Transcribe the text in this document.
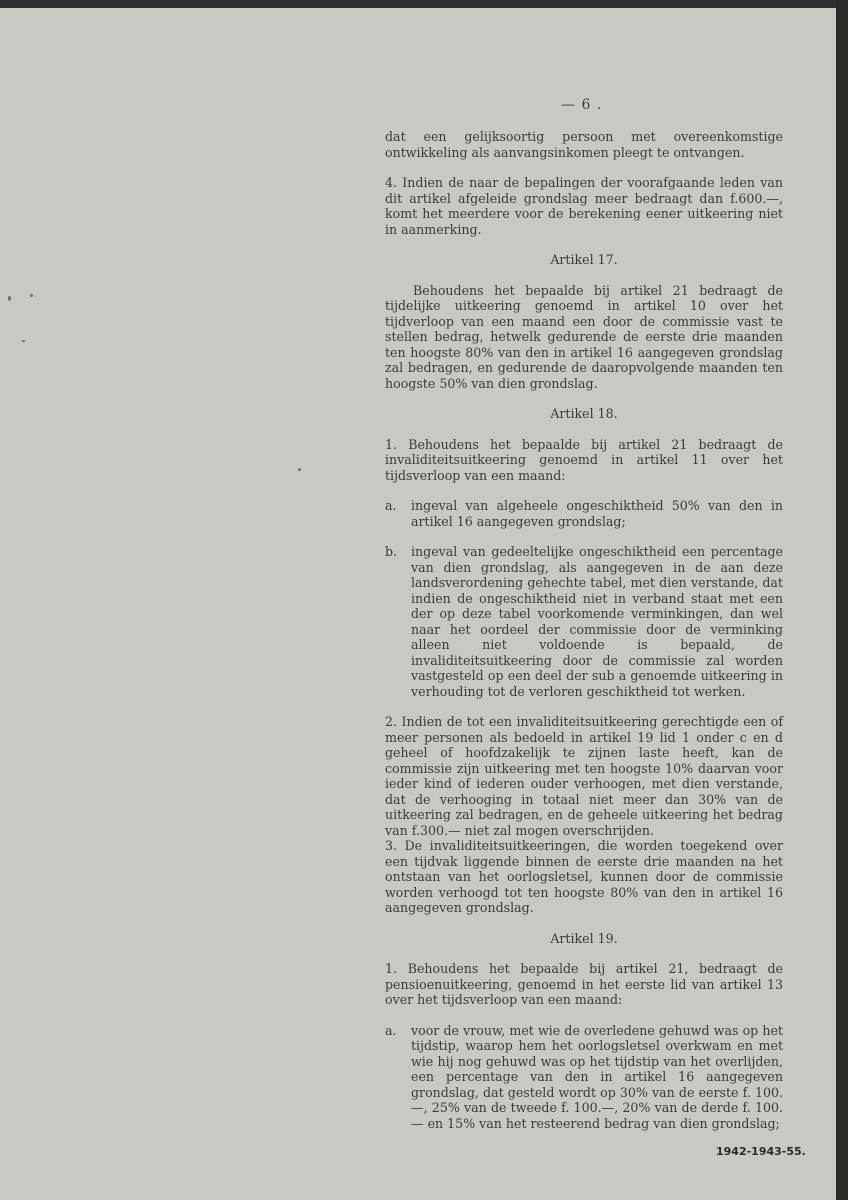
— 6 .

dat een gelijksoortig persoon met overeenkomstige ontwikkeling als aanvangsinkomen pleegt te ontvangen.

4. Indien de naar de bepalingen der voorafgaande leden van dit artikel afgeleide grondslag meer bedraagt dan f.600.—, komt het meerdere voor de berekening eener uitkeering niet in aanmerking.

Artikel 17.

Behoudens het bepaalde bij artikel 21 bedraagt de tijdelijke uitkeering genoemd in artikel 10 over het tijdverloop van een maand een door de commissie vast te stellen bedrag, hetwelk gedurende de eerste drie maanden ten hoogste 80% van den in artikel 16 aangegeven grondslag zal bedragen, en gedurende de daaropvolgende maanden ten hoogste 50% van dien grondslag.

Artikel 18.

1. Behoudens het bepaalde bij artikel 21 bedraagt de invaliditeitsuitkeering genoemd in artikel 11 over het tijdsverloop van een maand:

a.	ingeval van algeheele ongeschiktheid 50% van den in artikel 16 aangegeven grondslag;
b.	ingeval van gedeeltelijke ongeschiktheid een percentage van dien grondslag, als aangegeven in de aan deze landsverordening gehechte tabel, met dien verstande, dat indien de ongeschiktheid niet in verband staat met een der op deze tabel voorkomende verminkingen, dan wel naar het oordeel der commissie door de verminking alleen niet voldoende is bepaald, de invaliditeitsuitkeering door de commissie zal worden vastgesteld op een deel der sub a genoemde uitkeering in verhouding tot de verloren geschiktheid tot werken.

2. Indien de tot een invaliditeitsuitkeering gerechtigde een of meer personen als bedoeld in artikel 19 lid 1 onder c en d geheel of hoofdzakelijk te zijnen laste heeft, kan de commissie zijn uitkeering met ten hoogste 10% daarvan voor ieder kind of iederen ouder verhoogen, met dien verstande, dat de verhooging in totaal niet meer dan 30% van de uitkeering zal bedragen, en de geheele uitkeering het bedrag van f.300.— niet zal mogen overschrijden.

3. De invaliditeitsuitkeeringen, die worden toegekend over een tijdvak liggende binnen de eerste drie maanden na het ontstaan van het oorlogsletsel, kunnen door de commissie worden verhoogd tot ten hoogste 80% van den in artikel 16 aangegeven grondslag.

Artikel 19.

1. Behoudens het bepaalde bij artikel 21, bedraagt de pensioenuitkeering, genoemd in het eerste lid van artikel 13 over het tijdsverloop van een maand:

a.	voor de vrouw, met wie de overledene gehuwd was op het tijdstip, waarop hem het oorlogsletsel overkwam en met wie hij nog gehuwd was op het tijdstip van het overlijden, een percentage van den in artikel 16 aangegeven grondslag, dat gesteld wordt op 30% van de eerste f. 100.—, 25% van de tweede f. 100.—, 20% van de derde f. 100.— en 15% van het resteerend bedrag van dien grondslag;
1942-1943-55.
